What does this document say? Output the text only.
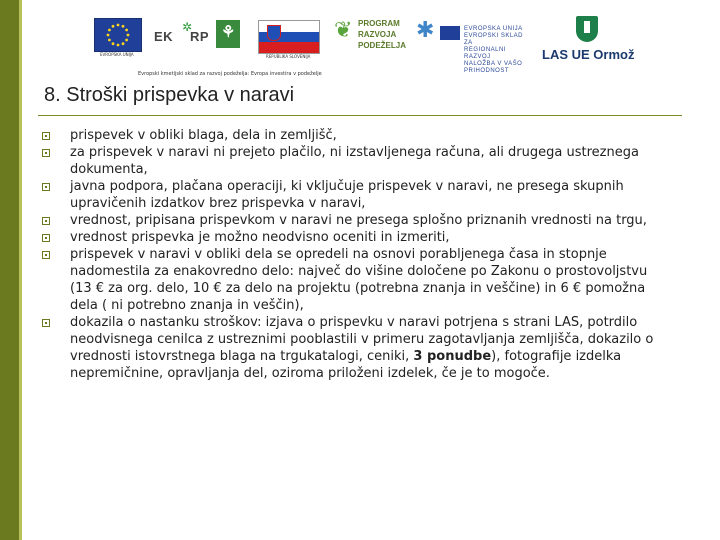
EVROPSKA UNIJA
EK
✲
RP ⚘
REPUBLIKA SLOVENIJA
❦ PROGRAM
RAZVOJA
PODEŽELJA
✱	EVROPSKA UNIJA
EVROPSKI SKLAD ZA
REGIONALNI RAZVOJ
NALOŽBA V VAŠO PRIHODNOST
LAS UE Ormož
Evropski kmetijski sklad za razvoj podeželja: Evropa investira v podeželje
8. Stroški prispevka v naravi
prispevek v obliki blaga, dela in zemljišč,
za prispevek v naravi ni prejeto plačilo, ni izstavljenega računa, ali drugega ustreznega dokumenta,
javna podpora, plačana operaciji, ki vključuje prispevek v naravi, ne presega skupnih upravičenih izdatkov brez prispevka v naravi,
vrednost, pripisana prispevkom v naravi ne presega splošno priznanih vrednosti na trgu,
vrednost prispevka je možno neodvisno oceniti in izmeriti,
prispevek v naravi v obliki dela se opredeli na osnovi porabljenega časa in stopnje nadomestila za enakovredno delo: največ do višine določene po Zakonu o prostovoljstvu (13 € za org. delo, 10 € za delo na projektu (potrebna znanja in veščine) in 6 € pomožna dela ( ni potrebno znanja in veščin),
dokazila o nastanku stroškov: izjava o prispevku v naravi potrjena s strani LAS, potrdilo neodvisnega cenilca z ustreznimi pooblastili v primeru zagotavljanja zemljišča, dokazilo o vrednosti istovrstnega blaga na trgukatalogi, ceniki, 3 ponudbe), fotografije izdelka nepremičnine, opravljanja del, oziroma priloženi izdelek, če je to mogoče.
